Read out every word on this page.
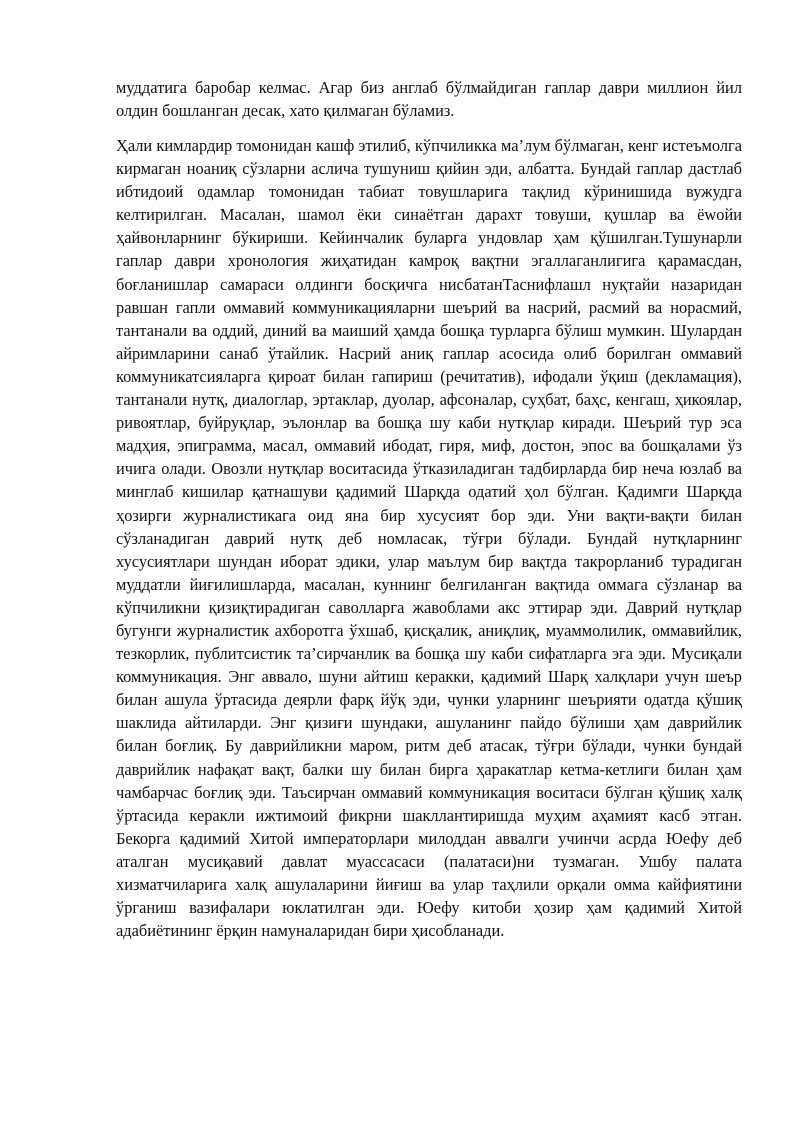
муддатига баробар келмас. Агар биз англаб бўлмайдиган гаплар даври миллион йил олдин бошланган десак, хато қилмаган бўламиз.

Ҳали кимлардир томонидан кашф этилиб, кўпчиликка ма’лум бўлмаган, кенг истеъмолга кирмаган ноаниқ сўзларни аслича тушуниш қийин эди, албатта. Бундай гаплар дастлаб ибтидоий одамлар томонидан табиат товушларига тақлид кўринишида вужудга келтирилган. Масалан, шамол ёки синаётган дарахт товуши, қушлар ва ёwойи ҳайвонларнинг бўкириши. Кейинчалик буларга ундовлар ҳам қўшилган.Тушунарли гаплар даври хронология жиҳатидан камроқ вақтни эгаллаганлигига қарамасдан, боғланишлар самараси олдинги босқичга нисбатанТаснифлашл нуқтайи назаридан равшан гапли оммавий коммуникацияларни шеърий ва насрий, расмий ва норасмий, тантанали ва оддий, диний ва маиший ҳамда бошқа турларга бўлиш мумкин. Шулардан айримларини санаб ўтайлик. Насрий аниқ гаплар асосида олиб борилган оммавий коммуникатсияларга қироат билан гапириш (речитатив), ифодали ўқиш (декламация), тантанали нутқ, диалоглар, эртаклар, дуолар, афсоналар, суҳбат, баҳс, кенгаш, ҳикоялар, ривоятлар, буйруқлар, эълонлар ва бошқа шу каби нутқлар киради. Шеърий тур эса мадҳия, эпиграмма, масал, оммавий ибодат, гиря, миф, достон, эпос ва бошқалами ўз ичига олади. Овозли нутқлар воситасида ўтказиладиган тадбирларда бир неча юзлаб ва минглаб кишилар қатнашуви қадимий Шарқда одатий ҳол бўлган. Қадимги Шарқда ҳозирги журналистикага оид яна бир хусусият бор эди. Уни вақти-вақти билан сўзланадиган даврий нутқ деб номласак, тўғри бўлади. Бундай нутқларнинг хусусиятлари шундан иборат эдики, улар маълум бир вақтда такрорланиб турадиган муддатли йиғилишларда, масалан, куннинг белгиланган вақтида оммага сўзланар ва кўпчиликни қизиқтирадиган саволларга жавоблами акс эттирар эди. Даврий нутқлар бугунги журналистик ахборотга ўхшаб, қисқалик, аниқлиқ, муаммолилик, оммавийлик, тезкорлик, публитсистик та’сирчанлик ва бошқа шу каби сифатларга эга эди. Мусиқали коммуникация. Энг аввало, шуни айтиш керакки, қадимий Шарқ халқлари учун шеър билан ашула ўртасида деярли фарқ йўқ эди, чунки уларнинг шеърияти одатда қўшиқ шаклида айтиларди. Энг қизиғи шундаки, ашуланинг пайдо бўлиши ҳам даврийлик билан боғлиқ. Бу даврийликни маром, ритм деб атасак, тўғри бўлади, чунки бундай даврийлик нафақат вақт, балки шу билан бирга ҳаракатлар кетма-кетлиги билан ҳам чамбарчас боғлиқ эди. Таъсирчан оммавий коммуникация воситаси бўлган қўшиқ халқ ўртасида керакли ижтимоий фикрни шакллантиришда муҳим аҳамият касб этган. Бекорга қадимий Хитой императорлари милоддан аввалги учинчи асрда Юефу деб аталган мусиқавий давлат муассасаси (палатаси)ни тузмаган. Ушбу палата хизматчиларига халқ ашулаларини йиғиш ва улар таҳлили орқали омма кайфиятини ўрганиш вазифалари юклатилган эди. Юефу китоби ҳозир ҳам қадимий Хитой адабиётининг ёрқин намуналаридан бири ҳисобланади.
